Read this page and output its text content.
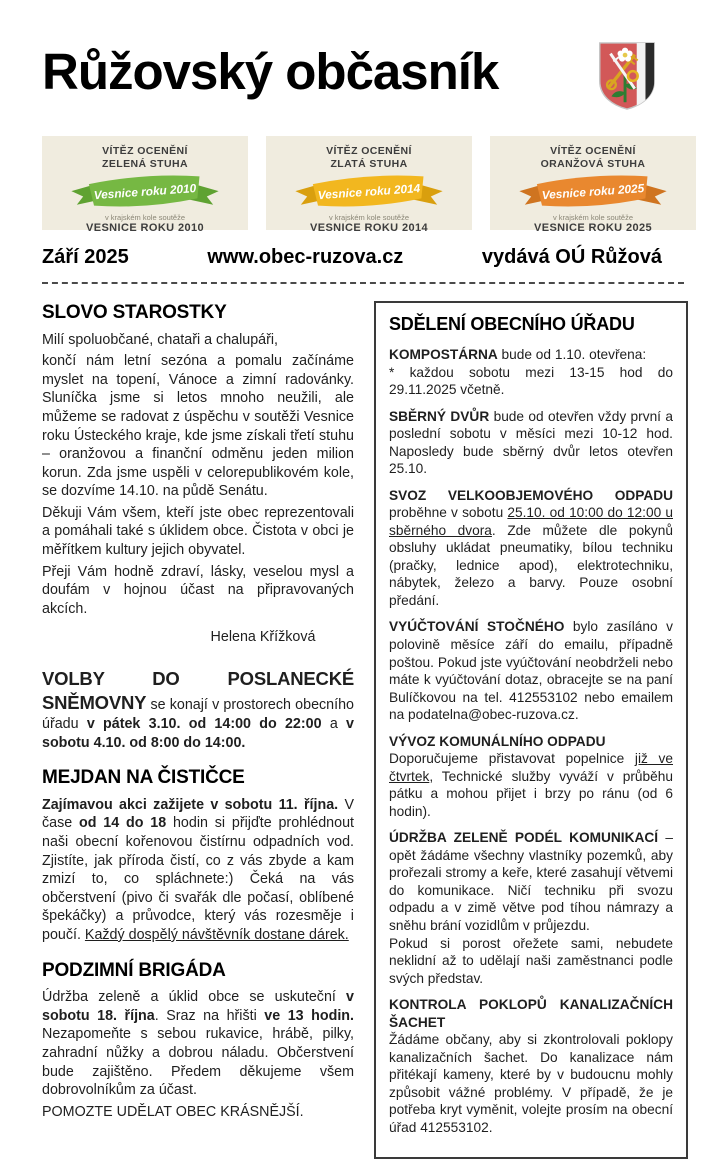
Růžovský občasník
VÍTĚZ OCENĚNÍ
ZELENÁ STUHA
Vesnice roku 2010
v krajském kole soutěže
VESNICE ROKU 2010
VÍTĚZ OCENĚNÍ
ZLATÁ STUHA
Vesnice roku 2014
v krajském kole soutěže
VESNICE ROKU 2014
VÍTĚZ OCENĚNÍ
ORANŽOVÁ STUHA
Vesnice roku 2025
v krajském kole soutěže
VESNICE ROKU 2025
Září 2025	www.obec-ruzova.cz	vydává OÚ Růžová
SLOVO STAROSTKY

Milí spoluobčané, chataři a chalupáři,

končí nám letní sezóna a pomalu začínáme myslet na topení, Vánoce a zimní radovánky. Sluníčka jsme si letos mnoho neužili, ale můžeme se radovat z úspěchu v soutěži Vesnice roku Ústeckého kraje, kde jsme získali třetí stuhu – oranžovou a finanční odměnu jeden milion korun. Zda jsme uspěli v celorepublikovém kole, se dozvíme 14.10. na půdě Senátu.

Děkuji Vám všem, kteří jste obec reprezentovali a pomáhali také s úklidem obce. Čistota v obci je měřítkem kultury jejich obyvatel.

Přeji Vám hodně zdraví, lásky, veselou mysl a doufám v hojnou účast na připravovaných akcích.

Helena Křížková

VOLBY DO POSLANECKÉ SNĚMOVNY se konají v prostorech obecního úřadu v pátek 3.10. od 14:00 do 22:00 a v sobotu 4.10. od 8:00 do 14:00.

MEJDAN NA ČISTIČCE

Zajímavou akci zažijete v sobotu 11. října. V čase od 14 do 18 hodin si přijďte prohlédnout naši obecní kořenovou čistírnu odpadních vod. Zjistíte, jak příroda čistí, co z vás zbyde a kam zmizí to, co spláchnete:) Čeká na vás občerstvení (pivo či svařák dle počasí, oblíbené špekáčky) a průvodce, který vás rozesměje i poučí. Každý dospělý návštěvník dostane dárek.

PODZIMNÍ BRIGÁDA

Údržba zeleně a úklid obce se uskuteční v sobotu 18. října. Sraz na hřišti ve 13 hodin. Nezapomeňte s sebou rukavice, hrábě, pilky, zahradní nůžky a dobrou náladu. Občerstvení bude zajištěno. Předem děkujeme všem dobrovolníkům za účast.

POMOZTE UDĚLAT OBEC KRÁSNĚJŠÍ.

SDĚLENÍ OBECNÍHO ÚŘADU

KOMPOSTÁRNA bude od 1.10. otevřena:
* každou sobotu mezi 13-15 hod do 29.11.2025 včetně.

SBĚRNÝ DVŮR bude od otevřen vždy první a poslední sobotu v měsíci mezi 10-12 hod. Naposledy bude sběrný dvůr letos otevřen 25.10.

SVOZ VELKOOBJEMOVÉHO ODPADU proběhne v sobotu 25.10. od 10:00 do 12:00 u sběrného dvora. Zde můžete dle pokynů obsluhy ukládat pneumatiky, bílou techniku (pračky, lednice apod), elektrotechniku, nábytek, železo a barvy. Pouze osobní předání.

VYÚČTOVÁNÍ STOČNÉHO bylo zasíláno v polovině měsíce září do emailu, případně poštou. Pokud jste vyúčtování neobdrželi nebo máte k vyúčtování dotaz, obracejte se na paní Bulíčkovou na tel. 412553102 nebo emailem na podatelna@obec-ruzova.cz.

VÝVOZ KOMUNÁLNÍHO ODPADU
Doporučujeme přistavovat popelnice již ve čtvrtek, Technické služby vyváží v průběhu pátku a mohou přijet i brzy po ránu (od 6 hodin).

ÚDRŽBA ZELENĚ PODÉL KOMUNIKACÍ – opět žádáme všechny vlastníky pozemků, aby prořezali stromy a keře, které zasahují větvemi do komunikace. Ničí techniku při svozu odpadu a v zimě větve pod tíhou námrazy a sněhu brání vozidlům v průjezdu.
Pokud si porost ořežete sami, nebudete neklidní až to udělají naši zaměstnanci podle svých představ.

KONTROLA POKLOPŮ KANALIZAČNÍCH ŠACHET
Žádáme občany, aby si zkontrolovali poklopy kanalizačních šachet. Do kanalizace nám přitékají kameny, které by v budoucnu mohly způsobit vážné problémy. V případě, že je potřeba kryt vyměnit, volejte prosím na obecní úřad 412553102.
